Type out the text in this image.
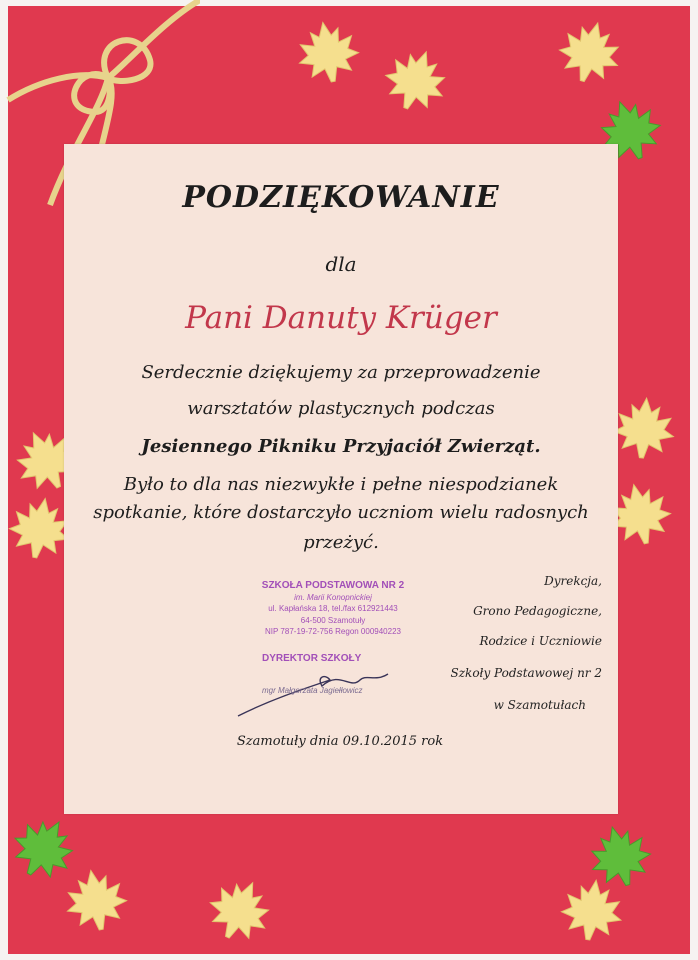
PODZIĘKOWANIE
dla
Pani Danuty Krüger
Serdecznie dziękujemy za przeprowadzenie
warsztatów plastycznych podczas
Jesiennego Pikniku Przyjaciół Zwierząt.
Było to dla nas niezwykłe i pełne niespodzianek
spotkanie, które dostarczyło uczniom wielu radosnych
przeżyć.
Dyrekcja,
Grono Pedagogiczne,
Rodzice i Uczniowie
Szkoły Podstawowej nr 2
w Szamotułach
SZKOŁA PODSTAWOWA NR 2
im. Marii Konopnickiej
ul. Kapłańska 18, tel./fax 612921443
64-500 Szamotuły
NIP 787-19-72-756 Regon 000940223
DYREKTOR SZKOŁY
mgr Małgorzata Jagiełłowicz
Szamotuły dnia 09.10.2015 rok
